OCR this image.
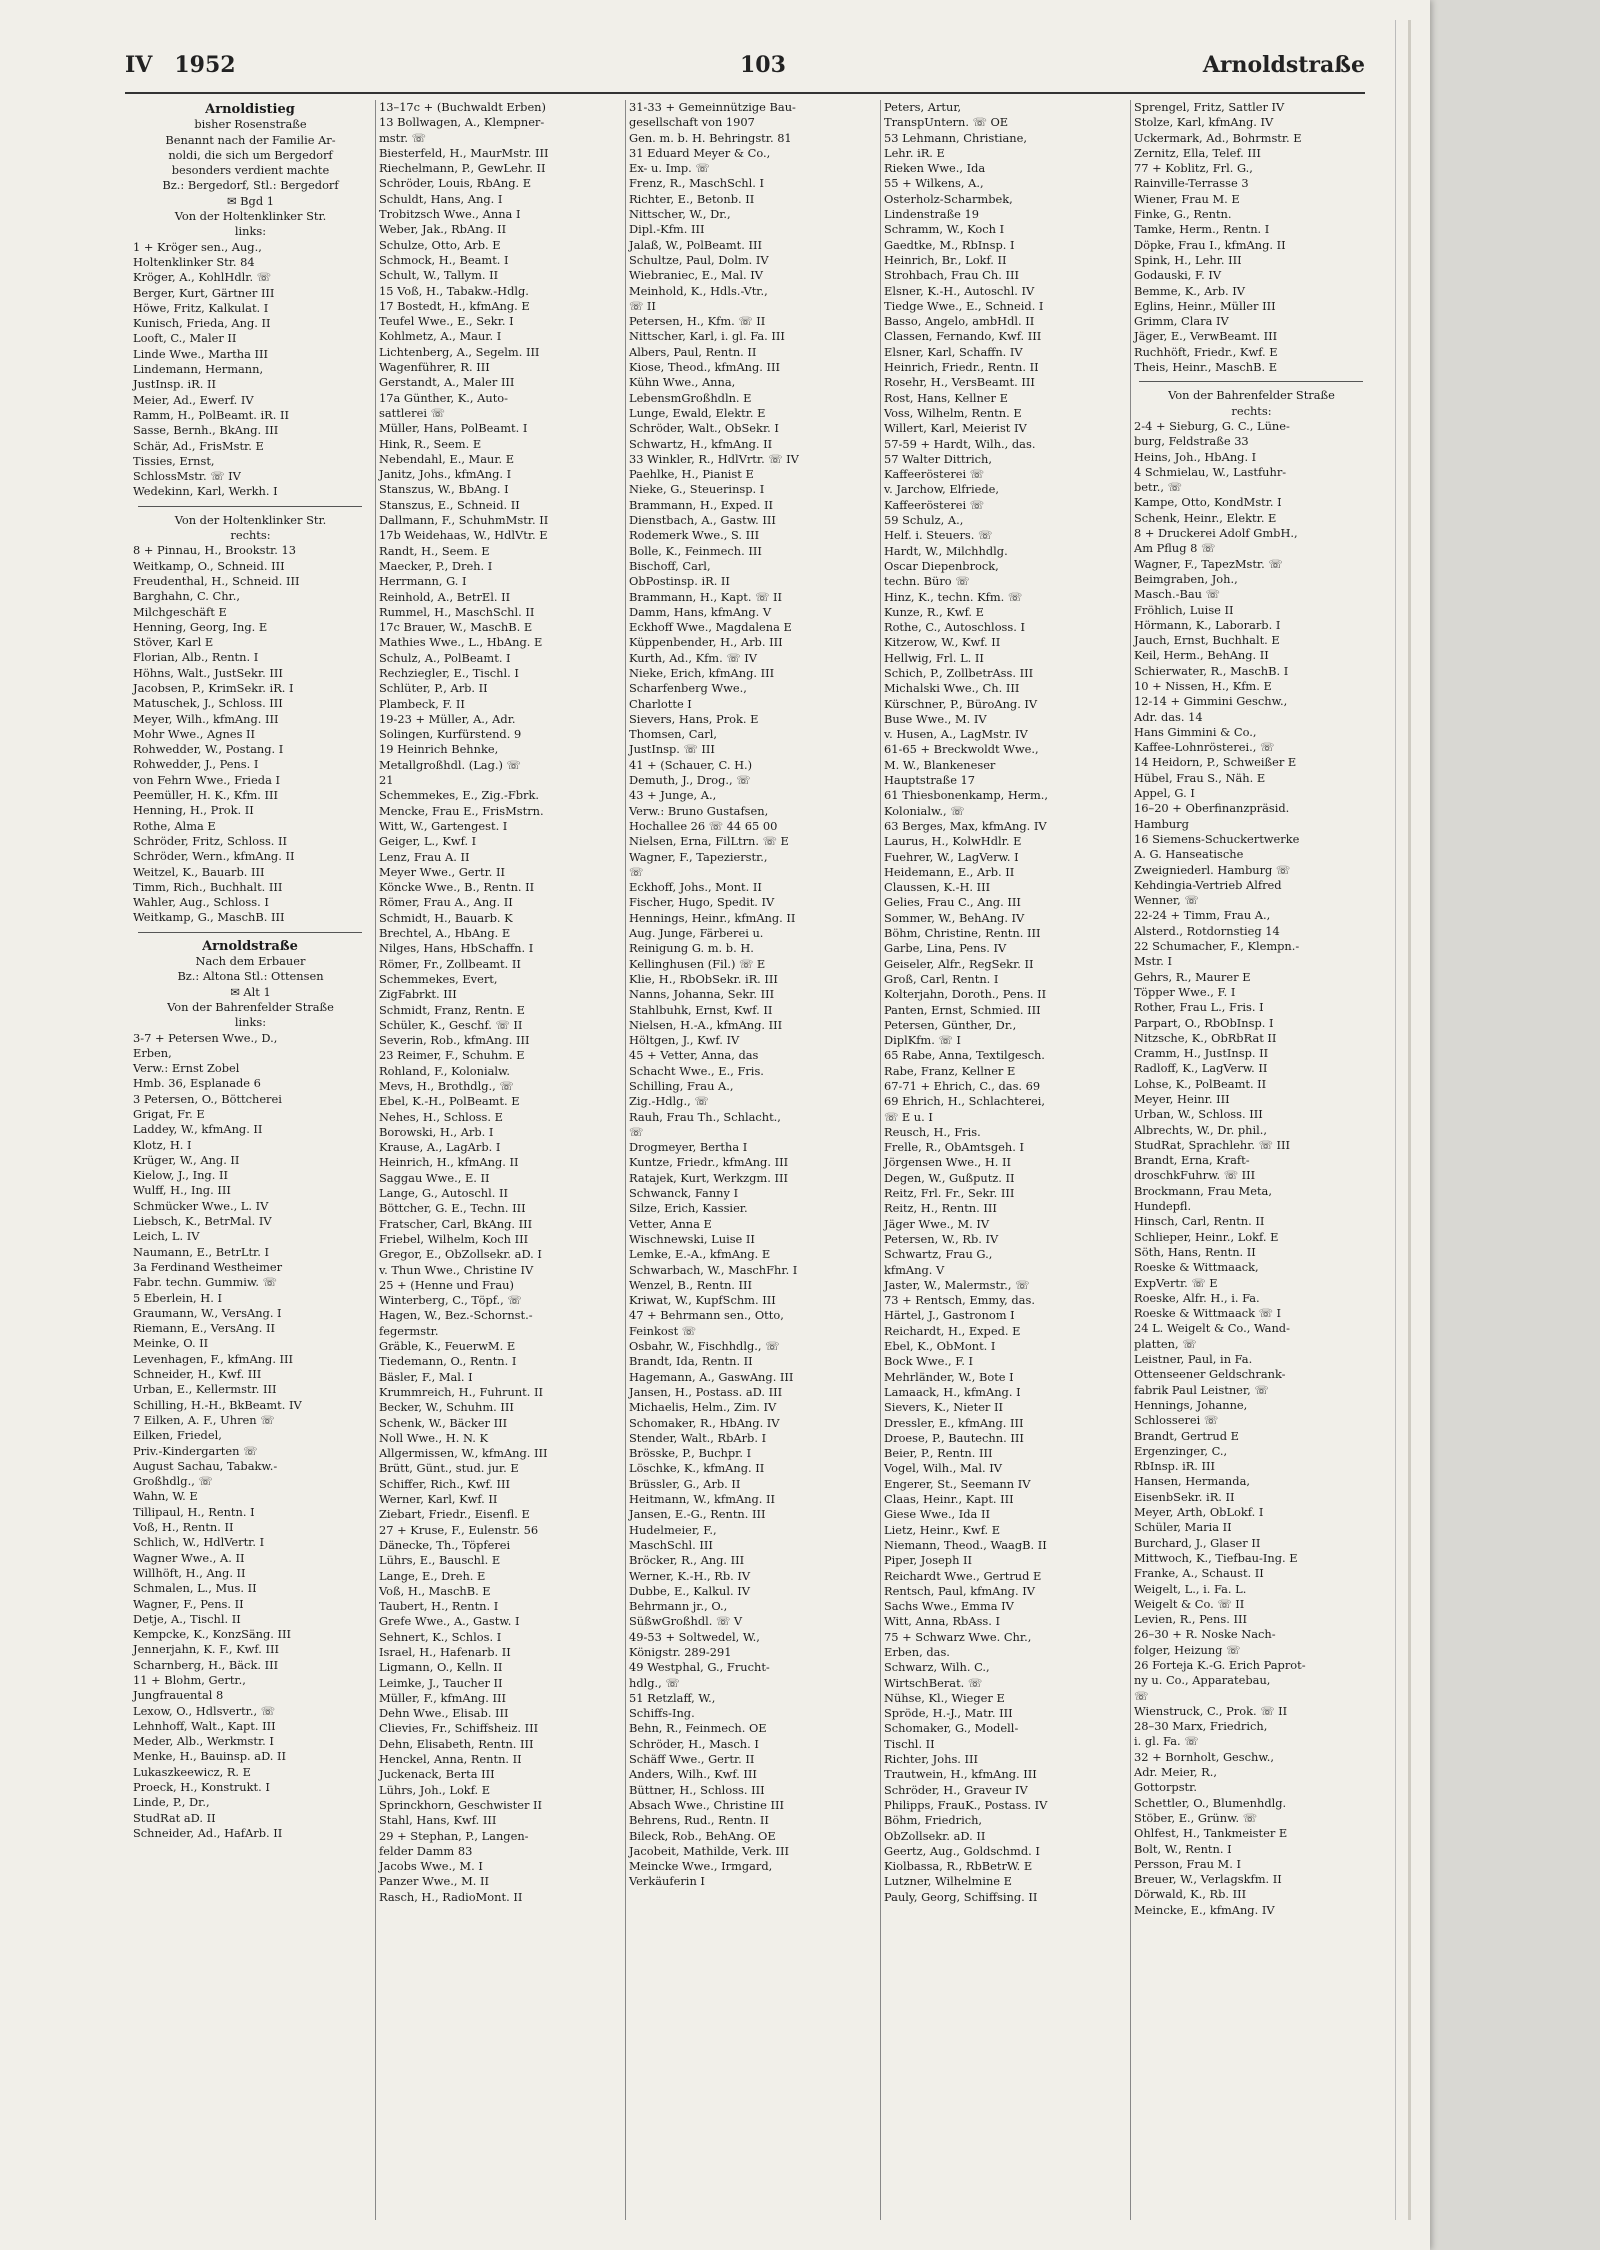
IV 1952	103	Arnoldstraße
Arnoldistieg
bisher Rosenstraße
Benannt nach der Familie Ar-
noldi, die sich um Bergedorf
besonders verdient machte
Bz.: Bergedorf, Stl.: Bergedorf
✉ Bgd 1
Von der Holtenklinker Str.
links:
1 + Kröger sen., Aug.,
Holtenklinker Str. 84
Kröger, A., KohlHdlr. ☏
Berger, Kurt, Gärtner III
Höwe, Fritz, Kalkulat. I
Kunisch, Frieda, Ang. II
Looft, C., Maler II
Linde Wwe., Martha III
Lindemann, Hermann,
JustInsp. iR. II
Meier, Ad., Ewerf. IV
Ramm, H., PolBeamt. iR. II
Sasse, Bernh., BkAng. III
Schär, Ad., FrisMstr. E
Tissies, Ernst,
SchlossMstr. ☏ IV
Wedekinn, Karl, Werkh. I
Von der Holtenklinker Str.
rechts:
8 + Pinnau, H., Brookstr. 13
Weitkamp, O., Schneid. III
Freudenthal, H., Schneid. III
Barghahn, C. Chr.,
Milchgeschäft E
Henning, Georg, Ing. E
Stöver, Karl E
Florian, Alb., Rentn. I
Höhns, Walt., JustSekr. III
Jacobsen, P., KrimSekr. iR. I
Matuschek, J., Schloss. III
Meyer, Wilh., kfmAng. III
Mohr Wwe., Agnes II
Rohwedder, W., Postang. I
Rohwedder, J., Pens. I
von Fehrn Wwe., Frieda I
Peemüller, H. K., Kfm. III
Henning, H., Prok. II
Rothe, Alma E
Schröder, Fritz, Schloss. II
Schröder, Wern., kfmAng. II
Weitzel, K., Bauarb. III
Timm, Rich., Buchhalt. III
Wahler, Aug., Schloss. I
Weitkamp, G., MaschB. III
Arnoldstraße
Nach dem Erbauer
Bz.: Altona Stl.: Ottensen
✉ Alt 1
Von der Bahrenfelder Straße
links:
3-7 + Petersen Wwe., D.,
Erben,
Verw.: Ernst Zobel
Hmb. 36, Esplanade 6
3 Petersen, O., Böttcherei
Grigat, Fr. E
Laddey, W., kfmAng. II
Klotz, H. I
Krüger, W., Ang. II
Kielow, J., Ing. II
Wulff, H., Ing. III
Schmücker Wwe., L. IV
Liebsch, K., BetrMal. IV
Leich, L. IV
Naumann, E., BetrLtr. I
3a Ferdinand Westheimer
Fabr. techn. Gummiw. ☏
5 Eberlein, H. I
Graumann, W., VersAng. I
Riemann, E., VersAng. II
Meinke, O. II
Levenhagen, F., kfmAng. III
Schneider, H., Kwf. III
Urban, E., Kellermstr. III
Schilling, H.-H., BkBeamt. IV
7 Eilken, A. F., Uhren ☏
Eilken, Friedel,
Priv.-Kindergarten ☏
August Sachau, Tabakw.-
Großhdlg., ☏
Wahn, W. E
Tillipaul, H., Rentn. I
Voß, H., Rentn. II
Schlich, W., HdlVertr. I
Wagner Wwe., A. II
Willhöft, H., Ang. II
Schmalen, L., Mus. II
Wagner, F., Pens. II
Detje, A., Tischl. II
Kempcke, K., KonzSäng. III
Jennerjahn, K. F., Kwf. III
Scharnberg, H., Bäck. III
11 + Blohm, Gertr.,
Jungfrauental 8
Lexow, O., Hdlsvertr., ☏
Lehnhoff, Walt., Kapt. III
Meder, Alb., Werkmstr. I
Menke, H., Bauinsp. aD. II
Lukaszkeewicz, R. E
Proeck, H., Konstrukt. I
Linde, P., Dr.,
StudRat aD. II
Schneider, Ad., HafArb. II
13–17c + (Buchwaldt Erben)
13 Bollwagen, A., Klempner-
mstr. ☏
Biesterfeld, H., MaurMstr. III
Riechelmann, P., GewLehr. II
Schröder, Louis, RbAng. E
Schuldt, Hans, Ang. I
Trobitzsch Wwe., Anna I
Weber, Jak., RbAng. II
Schulze, Otto, Arb. E
Schmock, H., Beamt. I
Schult, W., Tallym. II
15 Voß, H., Tabakw.-Hdlg.
17 Bostedt, H., kfmAng. E
Teufel Wwe., E., Sekr. I
Kohlmetz, A., Maur. I
Lichtenberg, A., Segelm. III
Wagenführer, R. III
Gerstandt, A., Maler III
17a Günther, K., Auto-
sattlerei ☏
Müller, Hans, PolBeamt. I
Hink, R., Seem. E
Nebendahl, E., Maur. E
Janitz, Johs., kfmAng. I
Stanszus, W., BbAng. I
Stanszus, E., Schneid. II
Dallmann, F., SchuhmMstr. II
17b Weidehaas, W., HdlVtr. E
Randt, H., Seem. E
Maecker, P., Dreh. I
Herrmann, G. I
Reinhold, A., BetrEl. II
Rummel, H., MaschSchl. II
17c Brauer, W., MaschB. E
Mathies Wwe., L., HbAng. E
Schulz, A., PolBeamt. I
Rechziegler, E., Tischl. I
Schlüter, P., Arb. II
Plambeck, F. II
19-23 + Müller, A., Adr.
Solingen, Kurfürstend. 9
19 Heinrich Behnke,
Metallgroßhdl. (Lag.) ☏
21
Schemmekes, E., Zig.-Fbrk.
Mencke, Frau E., FrisMstrn.
Witt, W., Gartengest. I
Geiger, L., Kwf. I
Lenz, Frau A. II
Meyer Wwe., Gertr. II
Köncke Wwe., B., Rentn. II
Römer, Frau A., Ang. II
Schmidt, H., Bauarb. K
Brechtel, A., HbAng. E
Nilges, Hans, HbSchaffn. I
Römer, Fr., Zollbeamt. II
Schemmekes, Evert,
ZigFabrkt. III
Schmidt, Franz, Rentn. E
Schüler, K., Geschf. ☏ II
Severin, Rob., kfmAng. III
23 Reimer, F., Schuhm. E
Rohland, F., Kolonialw.
Mevs, H., Brothdlg., ☏
Ebel, K.-H., PolBeamt. E
Nehes, H., Schloss. E
Borowski, H., Arb. I
Krause, A., LagArb. I
Heinrich, H., kfmAng. II
Saggau Wwe., E. II
Lange, G., Autoschl. II
Böttcher, G. E., Techn. III
Fratscher, Carl, BkAng. III
Friebel, Wilhelm, Koch III
Gregor, E., ObZollsekr. aD. I
v. Thun Wwe., Christine IV
25 + (Henne und Frau)
Winterberg, C., Töpf., ☏
Hagen, W., Bez.-Schornst.-
fegermstr.
Gräble, K., FeuerwM. E
Tiedemann, O., Rentn. I
Bäsler, F., Mal. I
Krummreich, H., Fuhrunt. II
Becker, W., Schuhm. III
Schenk, W., Bäcker III
Noll Wwe., H. N. K
Allgermissen, W., kfmAng. III
Brütt, Günt., stud. jur. E
Schiffer, Rich., Kwf. III
Werner, Karl, Kwf. II
Ziebart, Friedr., Eisenfl. E
27 + Kruse, F., Eulenstr. 56
Dänecke, Th., Töpferei
Lührs, E., Bauschl. E
Lange, E., Dreh. E
Voß, H., MaschB. E
Taubert, H., Rentn. I
Grefe Wwe., A., Gastw. I
Sehnert, K., Schlos. I
Israel, H., Hafenarb. II
Ligmann, O., Kelln. II
Leimke, J., Taucher II
Müller, F., kfmAng. III
Dehn Wwe., Elisab. III
Clievies, Fr., Schiffsheiz. III
Dehn, Elisabeth, Rentn. III
Henckel, Anna, Rentn. II
Juckenack, Berta III
Lührs, Joh., Lokf. E
Sprinckhorn, Geschwister II
Stahl, Hans, Kwf. III
29 + Stephan, P., Langen-
felder Damm 83
Jacobs Wwe., M. I
Panzer Wwe., M. II
Rasch, H., RadioMont. II
31-33 + Gemeinnützige Bau-
gesellschaft von 1907
Gen. m. b. H. Behringstr. 81
31 Eduard Meyer & Co.,
Ex- u. Imp. ☏
Frenz, R., MaschSchl. I
Richter, E., Betonb. II
Nittscher, W., Dr.,
Dipl.-Kfm. III
Jalaß, W., PolBeamt. III
Schultze, Paul, Dolm. IV
Wiebraniec, E., Mal. IV
Meinhold, K., Hdls.-Vtr.,
☏ II
Petersen, H., Kfm. ☏ II
Nittscher, Karl, i. gl. Fa. III
Albers, Paul, Rentn. II
Kiose, Theod., kfmAng. III
Kühn Wwe., Anna,
LebensmGroßhdln. E
Lunge, Ewald, Elektr. E
Schröder, Walt., ObSekr. I
Schwartz, H., kfmAng. II
33 Winkler, R., HdlVrtr. ☏ IV
Paehlke, H., Pianist E
Nieke, G., Steuerinsp. I
Brammann, H., Exped. II
Dienstbach, A., Gastw. III
Rodemerk Wwe., S. III
Bolle, K., Feinmech. III
Bischoff, Carl,
ObPostinsp. iR. II
Brammann, H., Kapt. ☏ II
Damm, Hans, kfmAng. V
Eckhoff Wwe., Magdalena E
Küppenbender, H., Arb. III
Kurth, Ad., Kfm. ☏ IV
Nieke, Erich, kfmAng. III
Scharfenberg Wwe.,
Charlotte I
Sievers, Hans, Prok. E
Thomsen, Carl,
JustInsp. ☏ III
41 + (Schauer, C. H.)
Demuth, J., Drog., ☏
43 + Junge, A.,
Verw.: Bruno Gustafsen,
Hochallee 26 ☏ 44 65 00
Nielsen, Erna, FilLtrn. ☏ E
Wagner, F., Tapezierstr.,
☏
Eckhoff, Johs., Mont. II
Fischer, Hugo, Spedit. IV
Hennings, Heinr., kfmAng. II
Aug. Junge, Färberei u.
Reinigung G. m. b. H.
Kellinghusen (Fil.) ☏ E
Klie, H., RbObSekr. iR. III
Nanns, Johanna, Sekr. III
Stahlbuhk, Ernst, Kwf. II
Nielsen, H.-A., kfmAng. III
Höltgen, J., Kwf. IV
45 + Vetter, Anna, das
Schacht Wwe., E., Fris.
Schilling, Frau A.,
Zig.-Hdlg., ☏
Rauh, Frau Th., Schlacht.,
☏
Drogmeyer, Bertha I
Kuntze, Friedr., kfmAng. III
Ratajek, Kurt, Werkzgm. III
Schwanck, Fanny I
Silze, Erich, Kassier.
Vetter, Anna E
Wischnewski, Luise II
Lemke, E.-A., kfmAng. E
Schwarbach, W., MaschFhr. I
Wenzel, B., Rentn. III
Kriwat, W., KupfSchm. III
47 + Behrmann sen., Otto,
Feinkost ☏
Osbahr, W., Fischhdlg., ☏
Brandt, Ida, Rentn. II
Hagemann, A., GaswAng. III
Jansen, H., Postass. aD. III
Michaelis, Helm., Zim. IV
Schomaker, R., HbAng. IV
Stender, Walt., RbArb. I
Brösske, P., Buchpr. I
Löschke, K., kfmAng. II
Brüssler, G., Arb. II
Heitmann, W., kfmAng. II
Jansen, E.-G., Rentn. III
Hudelmeier, F.,
MaschSchl. III
Bröcker, R., Ang. III
Werner, K.-H., Rb. IV
Dubbe, E., Kalkul. IV
Behrmann jr., O.,
SüßwGroßhdl. ☏ V
49-53 + Soltwedel, W.,
Königstr. 289-291
49 Westphal, G., Frucht-
hdlg., ☏
51 Retzlaff, W.,
Schiffs-Ing.
Behn, R., Feinmech. OE
Schröder, H., Masch. I
Schäff Wwe., Gertr. II
Anders, Wilh., Kwf. III
Büttner, H., Schloss. III
Absach Wwe., Christine III
Behrens, Rud., Rentn. II
Bileck, Rob., BehAng. OE
Jacobeit, Mathilde, Verk. III
Meincke Wwe., Irmgard,
Verkäuferin I
Peters, Artur,
TranspUntern. ☏ OE
53 Lehmann, Christiane,
Lehr. iR. E
Rieken Wwe., Ida
55 + Wilkens, A.,
Osterholz-Scharmbek,
Lindenstraße 19
Schramm, W., Koch I
Gaedtke, M., RbInsp. I
Heinrich, Br., Lokf. II
Strohbach, Frau Ch. III
Elsner, K.-H., Autoschl. IV
Tiedge Wwe., E., Schneid. I
Basso, Angelo, ambHdl. II
Classen, Fernando, Kwf. III
Elsner, Karl, Schaffn. IV
Heinrich, Friedr., Rentn. II
Rosehr, H., VersBeamt. III
Rost, Hans, Kellner E
Voss, Wilhelm, Rentn. E
Willert, Karl, Meierist IV
57-59 + Hardt, Wilh., das.
57 Walter Dittrich,
Kaffeerösterei ☏
v. Jarchow, Elfriede,
Kaffeerösterei ☏
59 Schulz, A.,
Helf. i. Steuers. ☏
Hardt, W., Milchhdlg.
Oscar Diepenbrock,
techn. Büro ☏
Hinz, K., techn. Kfm. ☏
Kunze, R., Kwf. E
Rothe, C., Autoschloss. I
Kitzerow, W., Kwf. II
Hellwig, Frl. L. II
Schich, P., ZollbetrAss. III
Michalski Wwe., Ch. III
Kürschner, P., BüroAng. IV
Buse Wwe., M. IV
v. Husen, A., LagMstr. IV
61-65 + Breckwoldt Wwe.,
M. W., Blankeneser
Hauptstraße 17
61 Thiesbonenkamp, Herm.,
Kolonialw., ☏
63 Berges, Max, kfmAng. IV
Laurus, H., KolwHdlr. E
Fuehrer, W., LagVerw. I
Heidemann, E., Arb. II
Claussen, K.-H. III
Gelies, Frau C., Ang. III
Sommer, W., BehAng. IV
Böhm, Christine, Rentn. III
Garbe, Lina, Pens. IV
Geiseler, Alfr., RegSekr. II
Groß, Carl, Rentn. I
Kolterjahn, Doroth., Pens. II
Panten, Ernst, Schmied. III
Petersen, Günther, Dr.,
DiplKfm. ☏ I
65 Rabe, Anna, Textilgesch.
Rabe, Franz, Kellner E
67-71 + Ehrich, C., das. 69
69 Ehrich, H., Schlachterei,
☏ E u. I
Reusch, H., Fris.
Frelle, R., ObAmtsgeh. I
Jörgensen Wwe., H. II
Degen, W., Gußputz. II
Reitz, Frl. Fr., Sekr. III
Reitz, H., Rentn. III
Jäger Wwe., M. IV
Petersen, W., Rb. IV
Schwartz, Frau G.,
kfmAng. V
Jaster, W., Malermstr., ☏
73 + Rentsch, Emmy, das.
Härtel, J., Gastronom I
Reichardt, H., Exped. E
Ebel, K., ObMont. I
Bock Wwe., F. I
Mehrländer, W., Bote I
Lamaack, H., kfmAng. I
Sievers, K., Nieter II
Dressler, E., kfmAng. III
Droese, P., Bautechn. III
Beier, P., Rentn. III
Vogel, Wilh., Mal. IV
Engerer, St., Seemann IV
Claas, Heinr., Kapt. III
Giese Wwe., Ida II
Lietz, Heinr., Kwf. E
Niemann, Theod., WaagB. II
Piper, Joseph II
Reichardt Wwe., Gertrud E
Rentsch, Paul, kfmAng. IV
Sachs Wwe., Emma IV
Witt, Anna, RbAss. I
75 + Schwarz Wwe. Chr.,
Erben, das.
Schwarz, Wilh. C.,
WirtschBerat. ☏
Nühse, Kl., Wieger E
Spröde, H.-J., Matr. III
Schomaker, G., Modell-
Tischl. II
Richter, Johs. III
Trautwein, H., kfmAng. III
Schröder, H., Graveur IV
Philipps, FrauK., Postass. IV
Böhm, Friedrich,
ObZollsekr. aD. II
Geertz, Aug., Goldschmd. I
Kiolbassa, R., RbBetrW. E
Lutzner, Wilhelmine E
Pauly, Georg, Schiffsing. II
Sprengel, Fritz, Sattler IV
Stolze, Karl, kfmAng. IV
Uckermark, Ad., Bohrmstr. E
Zernitz, Ella, Telef. III
77 + Koblitz, Frl. G.,
Rainville-Terrasse 3
Wiener, Frau M. E
Finke, G., Rentn.
Tamke, Herm., Rentn. I
Döpke, Frau I., kfmAng. II
Spink, H., Lehr. III
Godauski, F. IV
Bemme, K., Arb. IV
Eglins, Heinr., Müller III
Grimm, Clara IV
Jäger, E., VerwBeamt. III
Ruchhöft, Friedr., Kwf. E
Theis, Heinr., MaschB. E
Von der Bahrenfelder Straße
rechts:
2-4 + Sieburg, G. C., Lüne-
burg, Feldstraße 33
Heins, Joh., HbAng. I
4 Schmielau, W., Lastfuhr-
betr., ☏
Kampe, Otto, KondMstr. I
Schenk, Heinr., Elektr. E
8 + Druckerei Adolf GmbH.,
Am Pflug 8 ☏
Wagner, F., TapezMstr. ☏
Beimgraben, Joh.,
Masch.-Bau ☏
Fröhlich, Luise II
Hörmann, K., Laborarb. I
Jauch, Ernst, Buchhalt. E
Keil, Herm., BehAng. II
Schierwater, R., MaschB. I
10 + Nissen, H., Kfm. E
12-14 + Gimmini Geschw.,
Adr. das. 14
Hans Gimmini & Co.,
Kaffee-Lohnrösterei., ☏
14 Heidorn, P., Schweißer E
Hübel, Frau S., Näh. E
Appel, G. I
16–20 + Oberfinanzpräsid.
Hamburg
16 Siemens-Schuckertwerke
A. G. Hanseatische
Zweigniederl. Hamburg ☏
Kehdingia-Vertrieb Alfred
Wenner, ☏
22-24 + Timm, Frau A.,
Alsterd., Rotdornstieg 14
22 Schumacher, F., Klempn.-
Mstr. I
Gehrs, R., Maurer E
Töpper Wwe., F. I
Rother, Frau L., Fris. I
Parpart, O., RbObInsp. I
Nitzsche, K., ObRbRat II
Cramm, H., JustInsp. II
Radloff, K., LagVerw. II
Lohse, K., PolBeamt. II
Meyer, Heinr. III
Urban, W., Schloss. III
Albrechts, W., Dr. phil.,
StudRat, Sprachlehr. ☏ III
Brandt, Erna, Kraft-
droschkFuhrw. ☏ III
Brockmann, Frau Meta,
Hundepfl.
Hinsch, Carl, Rentn. II
Schlieper, Heinr., Lokf. E
Söth, Hans, Rentn. II
Roeske & Wittmaack,
ExpVertr. ☏ E
Roeske, Alfr. H., i. Fa.
Roeske & Wittmaack ☏ I
24 L. Weigelt & Co., Wand-
platten, ☏
Leistner, Paul, in Fa.
Ottenseener Geldschrank-
fabrik Paul Leistner, ☏
Hennings, Johanne,
Schlosserei ☏
Brandt, Gertrud E
Ergenzinger, C.,
RbInsp. iR. III
Hansen, Hermanda,
EisenbSekr. iR. II
Meyer, Arth, ObLokf. I
Schüler, Maria II
Burchard, J., Glaser II
Mittwoch, K., Tiefbau-Ing. E
Franke, A., Schaust. II
Weigelt, L., i. Fa. L.
Weigelt & Co. ☏ II
Levien, R., Pens. III
26–30 + R. Noske Nach-
folger, Heizung ☏
26 Forteja K.-G. Erich Paprot-
ny u. Co., Apparatebau,
☏
Wienstruck, C., Prok. ☏ II
28–30 Marx, Friedrich,
i. gl. Fa. ☏
32 + Bornholt, Geschw.,
Adr. Meier, R.,
Gottorpstr.
Schettler, O., Blumenhdlg.
Stöber, E., Grünw. ☏
Ohlfest, H., Tankmeister E
Bolt, W., Rentn. I
Persson, Frau M. I
Breuer, W., Verlagskfm. II
Dörwald, K., Rb. III
Meincke, E., kfmAng. IV
